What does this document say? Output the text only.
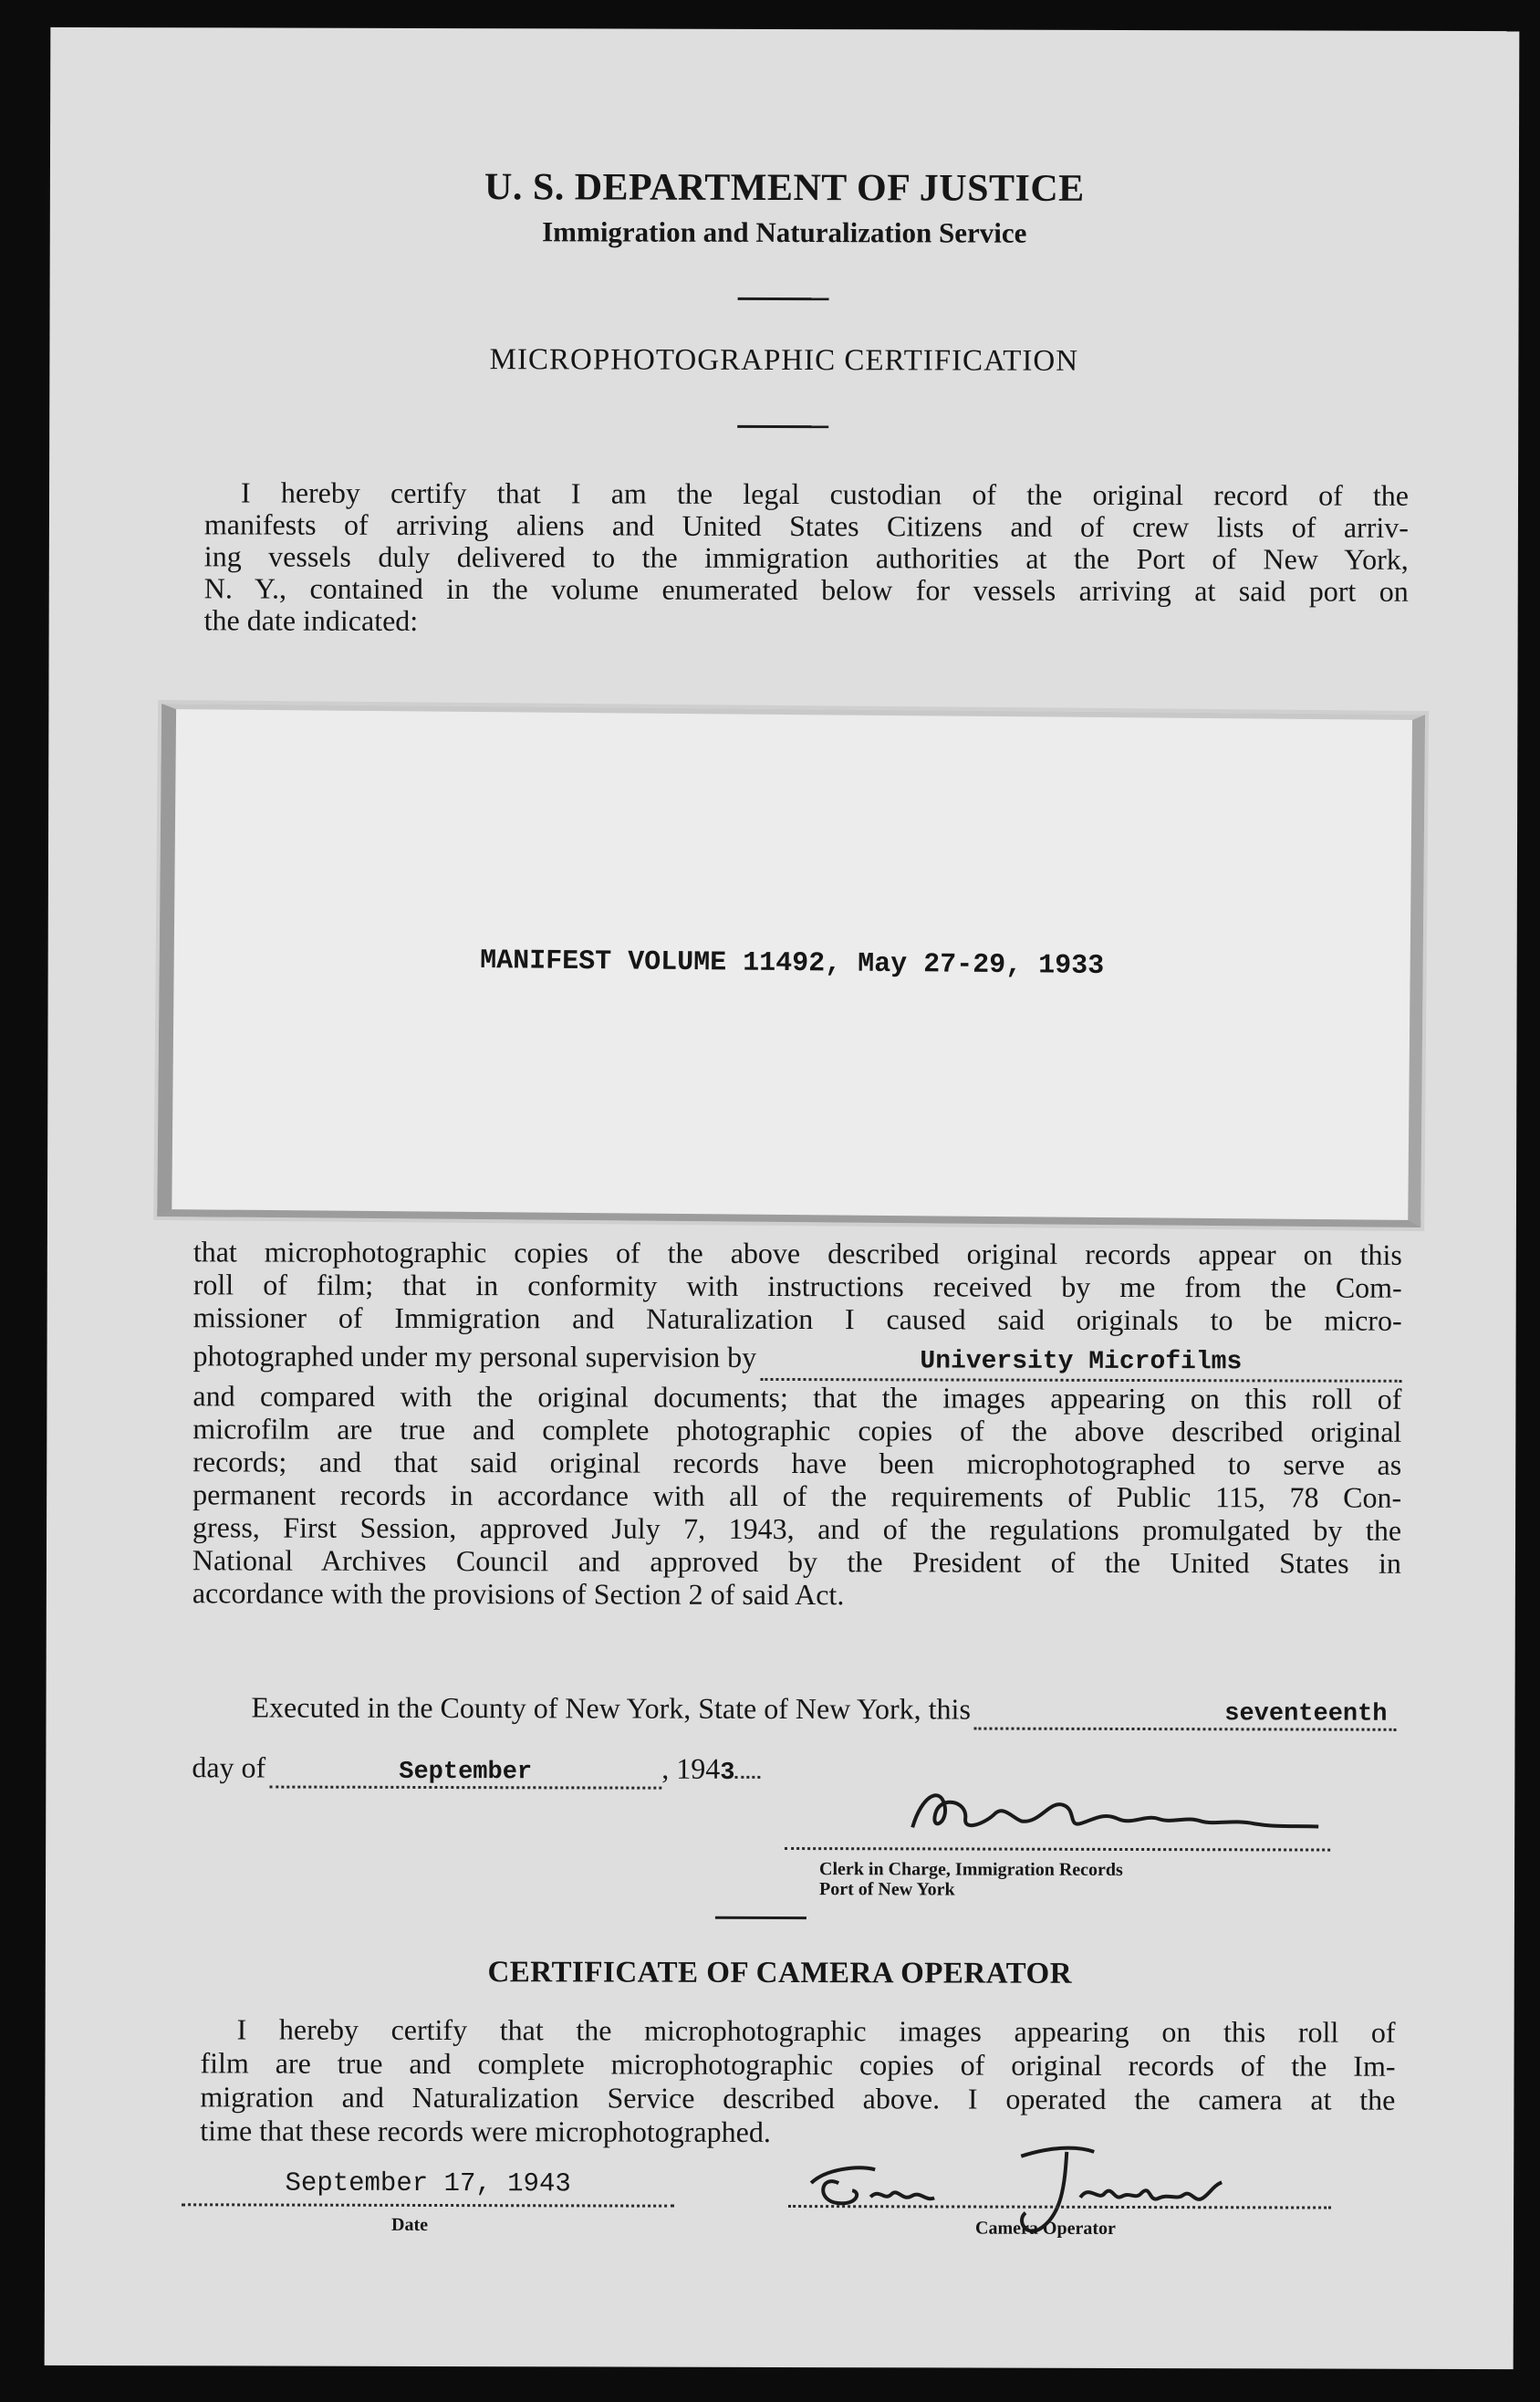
U. S. DEPARTMENT OF JUSTICE
Immigration and Naturalization Service
MICROPHOTOGRAPHIC CERTIFICATION
I hereby certify that I am the legal custodian of the original record of the
manifests of arriving aliens and United States Citizens and of crew lists of arriv-
ing vessels duly delivered to the immigration authorities at the Port of New York,
N. Y., contained in the volume enumerated below for vessels arriving at said port on
the date indicated:
MANIFEST VOLUME 11492, May 27-29, 1933
that microphotographic copies of the above described original records appear on this
roll of film; that in conformity with instructions received by me from the Com-
missioner of Immigration and Naturalization I caused said originals to be micro-
photographed under my personal supervision by	University Microfilms
and compared with the original documents; that the images appearing on this roll of
microfilm are true and complete photographic copies of the above described original
records; and that said original records have been microphotographed to serve as
permanent records in accordance with all of the requirements of Public 115, 78 Con-
gress, First Session, approved July 7, 1943, and of the regulations promulgated by the
National Archives Council and approved by the President of the United States in
accordance with the provisions of Section 2 of said Act.
Executed in the County of New York, State of New York, this	seventeenth
day of	September	, 194 3
Clerk in Charge, Immigration Records
Port of New York
CERTIFICATE OF CAMERA OPERATOR
I hereby certify that the microphotographic images appearing on this roll of
film are true and complete microphotographic copies of original records of the Im-
migration and Naturalization Service described above. I operated the camera at the
time that these records were microphotographed.
September 17, 1943
Date	Camera Operator
